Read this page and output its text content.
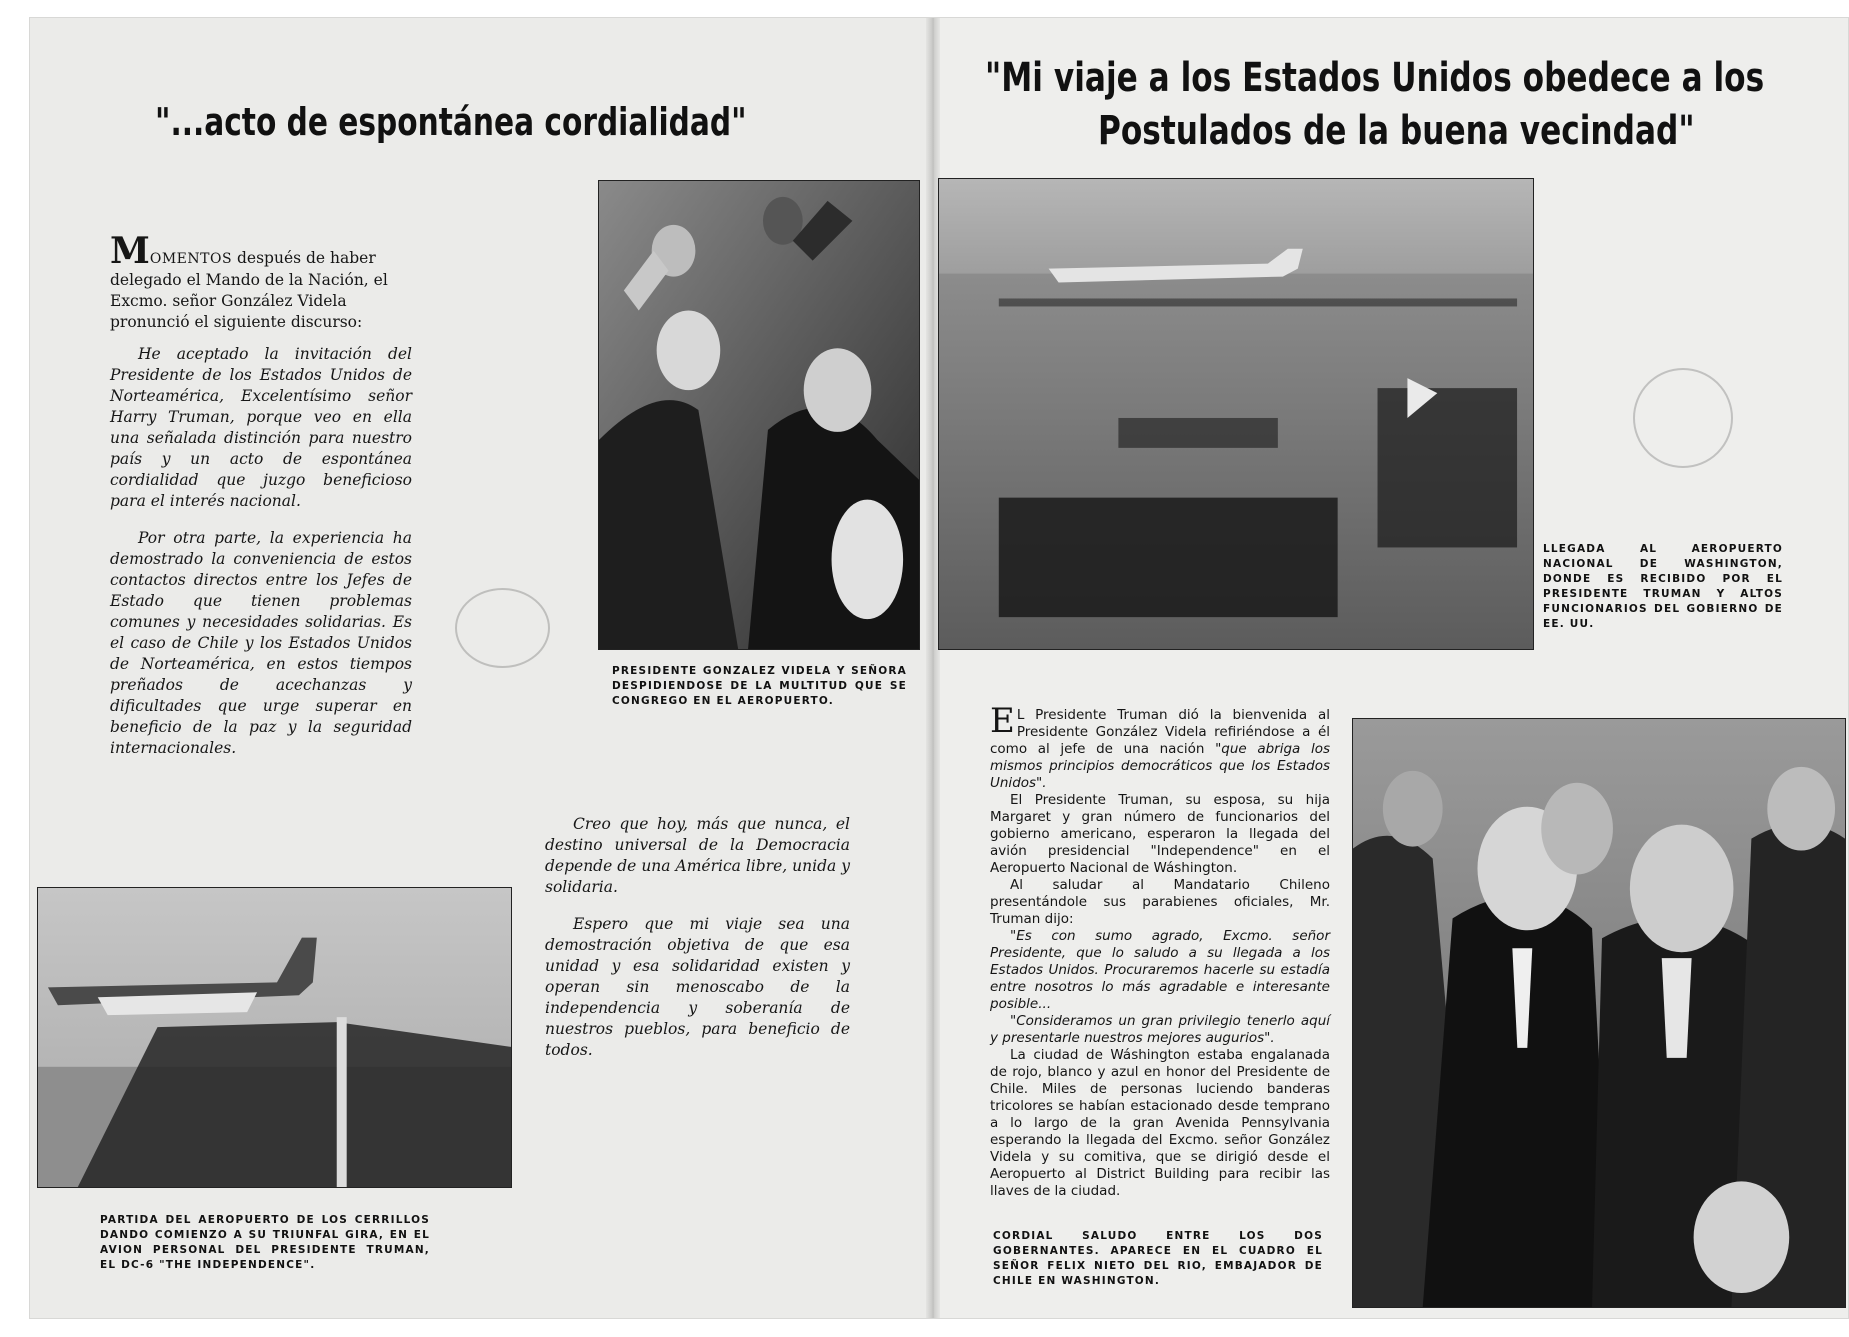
"...acto de espontánea cordialidad"
"Mi viaje a los Estados Unidos obedece a los
Postulados de la buena vecindad"
MOMENTOS después de haber delegado el Mando de la Nación, el Excmo. señor González Videla pronunció el siguiente discurso:

He aceptado la invitación del Presidente de los Estados Unidos de Norteamérica, Excelentísimo señor Harry Truman, porque veo en ella una señalada distinción para nuestro país y un acto de espontánea cordialidad que juzgo beneficioso para el interés nacional.

Por otra parte, la experiencia ha demostrado la conveniencia de estos contactos directos entre los Jefes de Estado que tienen problemas comunes y necesidades solidarias. Es el caso de Chile y los Estados Unidos de Norteamérica, en estos tiempos preñados de acechanzas y dificultades que urge superar en beneficio de la paz y la seguridad internacionales.

Creo que hoy, más que nunca, el destino universal de la Democracia depende de una América libre, unida y solidaria.

Espero que mi viaje sea una demostración objetiva de que esa unidad y esa solidaridad existen y operan sin menoscabo de la independencia y soberanía de nuestros pueblos, para beneficio de todos.

LLEGADA AL AEROPUERTO NACIONAL DE WASHINGTON, DONDE ES RECIBIDO POR EL PRESIDENTE TRUMAN Y ALTOS FUNCIONARIOS DEL GOBIERNO DE EE. UU.
PRESIDENTE GONZALEZ VIDELA Y SEÑORA DESPIDIENDOSE DE LA MULTITUD QUE SE CONGREGO EN EL AEROPUERTO.
PARTIDA DEL AEROPUERTO DE LOS CERRILLOS DANDO COMIENZO A SU TRIUNFAL GIRA, EN EL AVION PERSONAL DEL PRESIDENTE TRUMAN, EL DC-6 "THE INDEPENDENCE".

E L Presidente Truman dió la bienvenida al Presidente González Videla refiriéndose a él como al jefe de una nación "que abriga los mismos principios democráticos que los Estados Unidos".

El Presidente Truman, su esposa, su hija Margaret y gran número de funcionarios del gobierno americano, esperaron la llegada del avión presidencial "Independence" en el Aeropuerto Nacional de Wáshington.

Al saludar al Mandatario Chileno presentándole sus parabienes oficiales, Mr. Truman dijo:

"Es con sumo agrado, Excmo. señor Presidente, que lo saludo a su llegada a los Estados Unidos. Procuraremos hacerle su estadía entre nosotros lo más agradable e interesante posible...

"Consideramos un gran privilegio tenerlo aquí y presentarle nuestros mejores augurios".

La ciudad de Wáshington estaba engalanada de rojo, blanco y azul en honor del Presidente de Chile. Miles de personas luciendo banderas tricolores se habían estacionado desde temprano a lo largo de la gran Avenida Pennsylvania esperando la llegada del Excmo. señor González Videla y su comitiva, que se dirigió desde el Aeropuerto al District Building para recibir las llaves de la ciudad.

CORDIAL SALUDO ENTRE LOS DOS GOBERNANTES. APARECE EN EL CUADRO EL SEÑOR FELIX NIETO DEL RIO, EMBAJADOR DE CHILE EN WASHINGTON.
